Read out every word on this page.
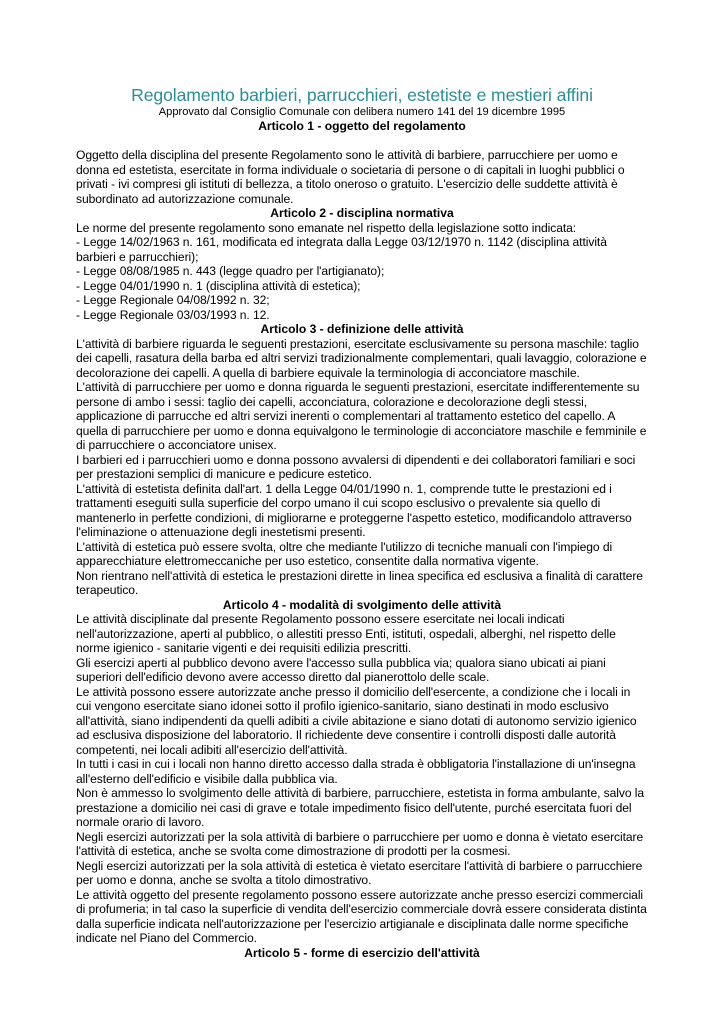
Regolamento barbieri, parrucchieri, estetiste e mestieri affini
Approvato dal Consiglio Comunale con delibera numero 141 del 19 dicembre 1995
Articolo 1 - oggetto del regolamento

Oggetto della disciplina del presente Regolamento sono le attività di barbiere, parrucchiere per uomo e donna ed estetista, esercitate in forma individuale o societaria di persone o di capitali in luoghi pubblici o privati - ivi compresi gli istituti di bellezza, a titolo oneroso o gratuito. L'esercizio delle suddette attività è subordinato ad autorizzazione comunale.

Articolo 2 - disciplina normativa

Le norme del presente regolamento sono emanate nel rispetto della legislazione sotto indicata:

- Legge 14/02/1963 n. 161, modificata ed integrata dalla Legge 03/12/1970 n. 1142 (disciplina attività barbieri e parrucchieri);

- Legge 08/08/1985 n. 443 (legge quadro per l'artigianato);

- Legge 04/01/1990 n. 1 (disciplina attività di estetica);

- Legge Regionale 04/08/1992 n. 32;

- Legge Regionale 03/03/1993 n. 12.

Articolo 3 - definizione delle attività

L'attività di barbiere riguarda le seguenti prestazioni, esercitate esclusivamente su persona maschile: taglio dei capelli, rasatura della barba ed altri servizi tradizionalmente complementari, quali lavaggio, colorazione e decolorazione dei capelli. A quella di barbiere equivale la terminologia di acconciatore maschile.

L'attività di parrucchiere per uomo e donna riguarda le seguenti prestazioni, esercitate indifferentemente su persone di ambo i sessi: taglio dei capelli, acconciatura, colorazione e decolorazione degli stessi, applicazione di parrucche ed altri servizi inerenti o complementari al trattamento estetico del capello. A quella di parrucchiere per uomo e donna equivalgono le terminologie di acconciatore maschile e femminile e di parrucchiere o acconciatore unisex.

I barbieri ed i parrucchieri uomo e donna possono avvalersi di dipendenti e dei collaboratori familiari e soci per prestazioni semplici di manicure e pedicure estetico.

L'attività di estetista definita dall'art. 1 della Legge 04/01/1990 n. 1, comprende tutte le prestazioni ed i trattamenti eseguiti sulla superficie del corpo umano il cui scopo esclusivo o prevalente sia quello di mantenerlo in perfette condizioni, di migliorarne e proteggerne l'aspetto estetico, modificandolo attraverso l'eliminazione o attenuazione degli inestetismi presenti.

L'attività di estetica può essere svolta, oltre che mediante l'utilizzo di tecniche manuali con l'impiego di apparecchiature elettromeccaniche per uso estetico, consentite dalla normativa vigente.

Non rientrano nell'attività di estetica le prestazioni dirette in linea specifica ed esclusiva a finalità di carattere terapeutico.

Articolo 4 - modalità di svolgimento delle attività

Le attività disciplinate dal presente Regolamento possono essere esercitate nei locali indicati nell'autorizzazione, aperti al pubblico, o allestiti presso Enti, istituti, ospedali, alberghi, nel rispetto delle norme igienico - sanitarie vigenti e dei requisiti edilizia prescritti.

Gli esercizi aperti al pubblico devono avere l'accesso sulla pubblica via; qualora siano ubicati ai piani superiori dell'edificio devono avere accesso diretto dal pianerottolo delle scale.

Le attività possono essere autorizzate anche presso il domicilio dell'esercente, a condizione che i locali in cui vengono esercitate siano idonei sotto il profilo igienico-sanitario, siano destinati in modo esclusivo all'attività, siano indipendenti da quelli adibiti a civile abitazione e siano dotati di autonomo servizio igienico ad esclusiva disposizione del laboratorio. Il richiedente deve consentire i controlli disposti dalle autorità competenti, nei locali adibiti all'esercizio dell'attività.

In tutti i casi in cui i locali non hanno diretto accesso dalla strada è obbligatoria l'installazione di un'insegna all'esterno dell'edificio e visibile dalla pubblica via.

Non è ammesso lo svolgimento delle attività di barbiere, parrucchiere, estetista in forma ambulante, salvo la prestazione a domicilio nei casi di grave e totale impedimento fisico dell'utente, purché esercitata fuori del normale orario di lavoro.

Negli esercizi autorizzati per la sola attività di barbiere o parrucchiere per uomo e donna è vietato esercitare l'attività di estetica, anche se svolta come dimostrazione di prodotti per la cosmesi.

Negli esercizi autorizzati per la sola attività di estetica è vietato esercitare l'attività di barbiere o parrucchiere per uomo e donna, anche se svolta a titolo dimostrativo.

Le attività oggetto del presente regolamento possono essere autorizzate anche presso esercizi commerciali di profumeria; in tal caso la superficie di vendita dell'esercizio commerciale dovrà essere considerata distinta dalla superficie indicata nell'autorizzazione per l'esercizio artigianale e disciplinata dalle norme specifiche indicate nel Piano del Commercio.

Articolo 5 - forme di esercizio dell'attività
